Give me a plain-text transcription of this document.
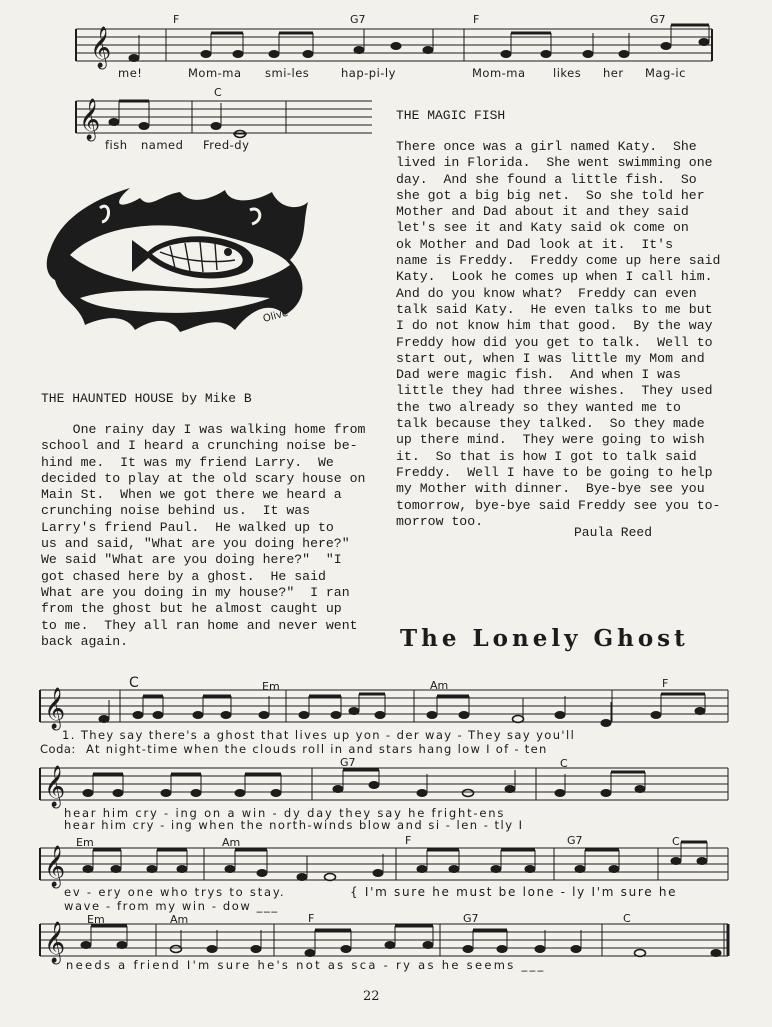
𝄞
F	G7	F	G7
me!	Mom-ma smi-les	hap-pi-ly	Mom-ma likes her Mag-ic
𝄞
C
fish named Fred-dy
Olive
THE MAGIC FISH
There once was a girl named Katy.  She
lived in Florida.  She went swimming one
day.  And she found a little fish.  So
she got a big big net.  So she told her
Mother and Dad about it and they said
let's see it and Katy said ok come on
ok Mother and Dad look at it.  It's
name is Freddy.  Freddy come up here said
Katy.  Look he comes up when I call him.
And do you know what?  Freddy can even
talk said Katy.  He even talks to me but
I do not know him that good.  By the way
Freddy how did you get to talk.  Well to
start out, when I was little my Mom and
Dad were magic fish.  And when I was
little they had three wishes.  They used
the two already so they wanted me to
talk because they talked.  So they made
up there mind.  They were going to wish
it.  So that is how I got to talk said
Freddy.  Well I have to be going to help
my Mother with dinner.  Bye-bye see you
tomorrow, bye-bye said Freddy see you to-
morrow too.
Paula Reed
THE HAUNTED HOUSE by Mike B
One rainy day I was walking home from
school and I heard a crunching noise be-
hind me.  It was my friend Larry.  We
decided to play at the old scary house on
Main St.  When we got there we heard a
crunching noise behind us.  It was
Larry's friend Paul.  He walked up to
us and said, "What are you doing here?"
We said "What are you doing here?"  "I
got chased here by a ghost.  He said
What are you doing in my house?"  I ran
from the ghost but he almost caught up
to me.  They all ran home and never went
back again.	The Lonely Ghost
C	Em	Am	F
𝄞
1. They say there's a ghost that lives up yon - der way - They say you'll
Coda: At night-time when the clouds roll in and stars hang low I of - ten
G7	C
𝄞
hear him cry - ing on a win - dy day they say he fright-ens
hear him cry - ing when the north-winds blow and si - len - tly I
Em	Am	F	G7	C
𝄞
ev - ery one who trys to stay.
wave - from my win - dow ___
{ I'm sure he must be lone - ly I'm sure he
Em	Am	F	G7	C
𝄞
needs a friend I'm sure he's not as sca - ry as he seems ___
22
